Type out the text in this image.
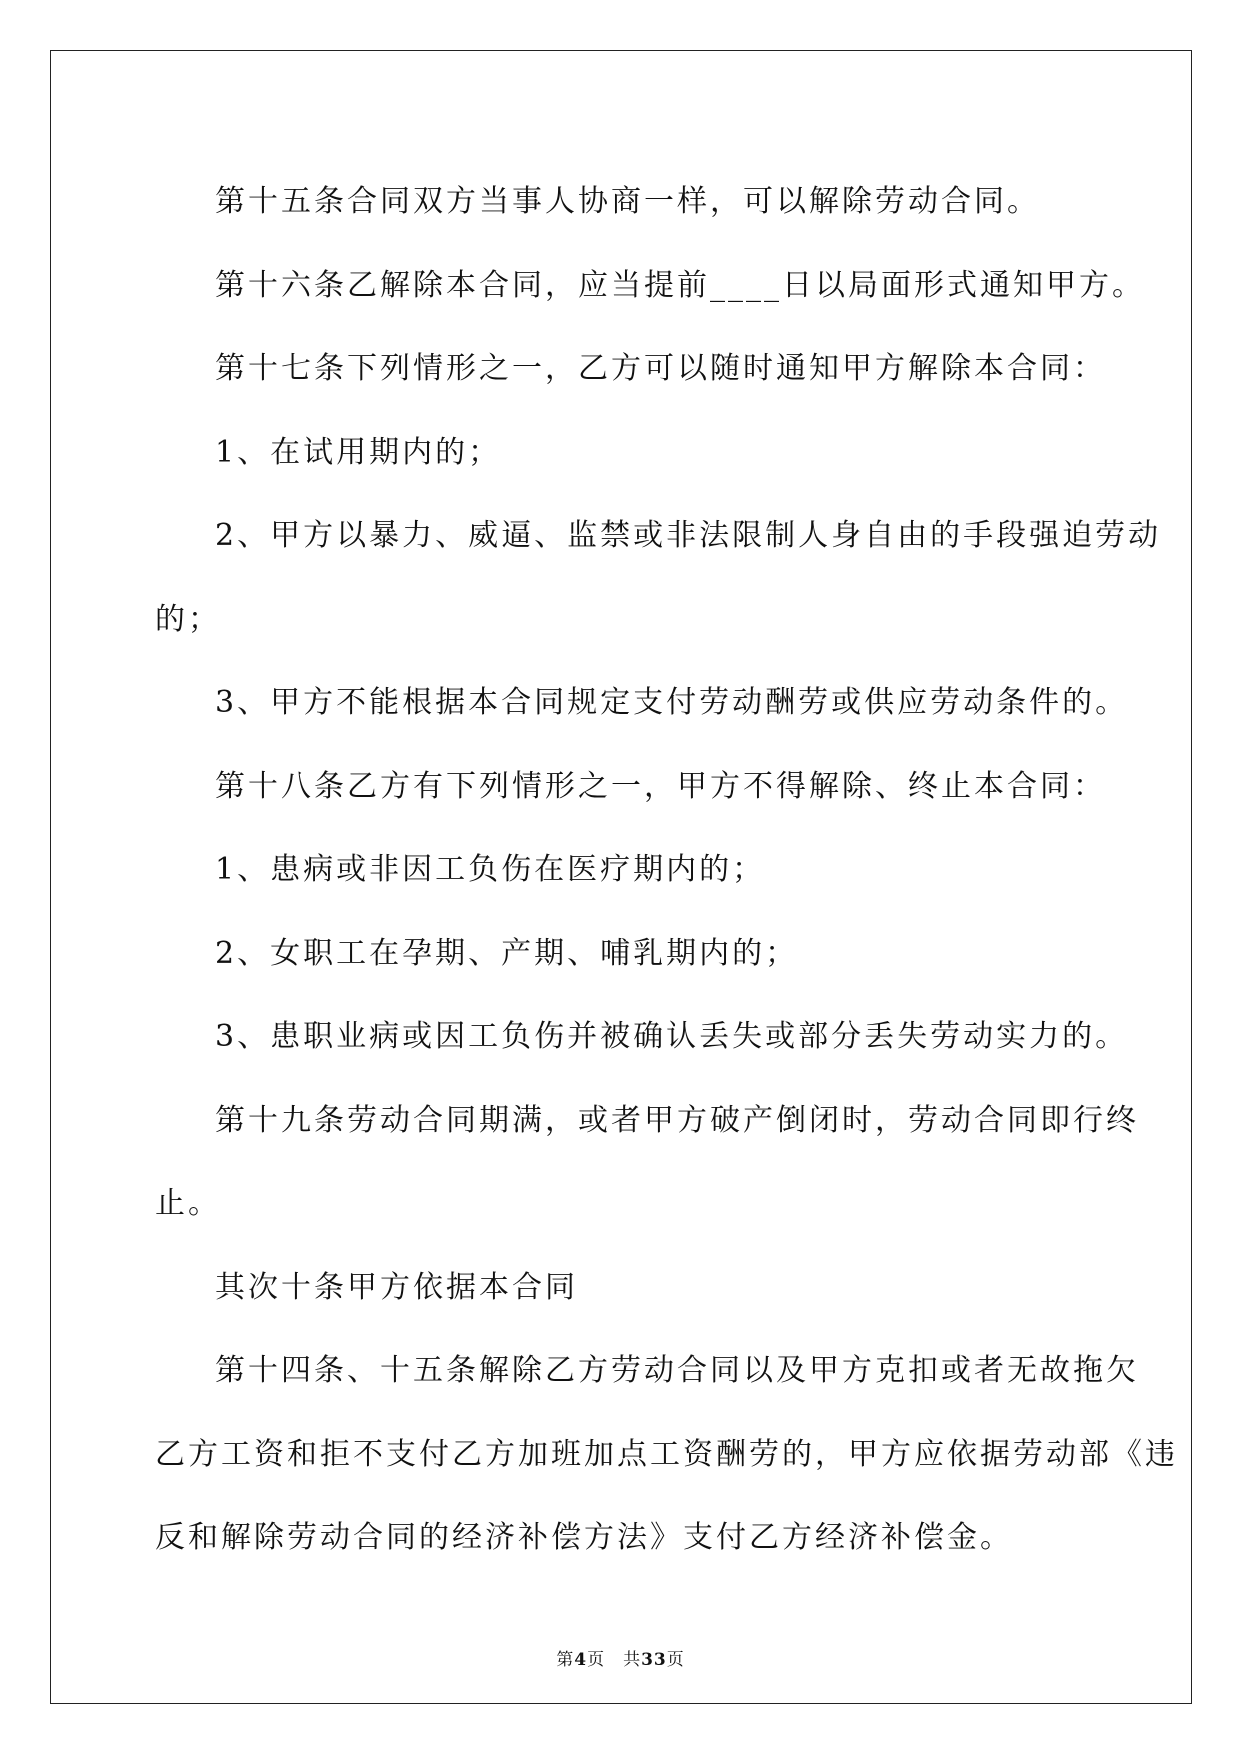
第十五条合同双方当事人协商一样，可以解除劳动合同。

第十六条乙解除本合同，应当提前____日以局面形式通知甲方。

第十七条下列情形之一，乙方可以随时通知甲方解除本合同：

1、在试用期内的；

2、甲方以暴力、威逼、监禁或非法限制人身自由的手段强迫劳动

的；

3、甲方不能根据本合同规定支付劳动酬劳或供应劳动条件的。

第十八条乙方有下列情形之一，甲方不得解除、终止本合同：

1、患病或非因工负伤在医疗期内的；

2、女职工在孕期、产期、哺乳期内的；

3、患职业病或因工负伤并被确认丢失或部分丢失劳动实力的。

第十九条劳动合同期满，或者甲方破产倒闭时，劳动合同即行终

止。

其次十条甲方依据本合同

第十四条、十五条解除乙方劳动合同以及甲方克扣或者无故拖欠

乙方工资和拒不支付乙方加班加点工资酬劳的，甲方应依据劳动部《违

反和解除劳动合同的经济补偿方法》支付乙方经济补偿金。

第4页　共33页
